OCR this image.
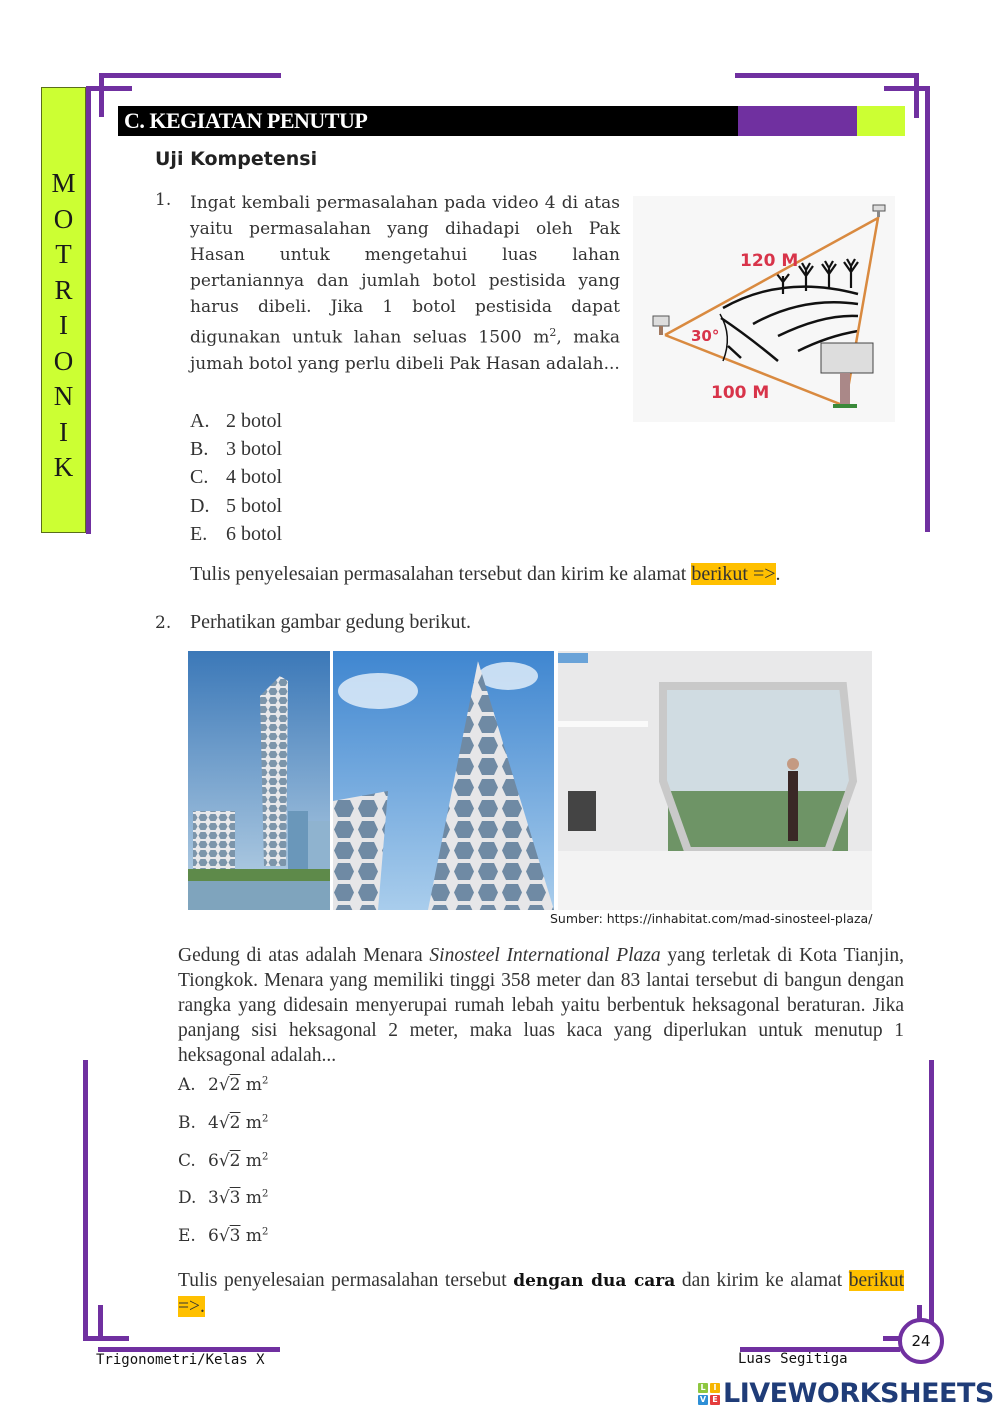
M
O
T
R
I
O
N
I
K
C. KEGIATAN PENUTUP
Uji Kompetensi
1. Ingat kembali permasalahan pada video 4 di atas yaitu permasalahan yang dihadapi oleh Pak Hasan untuk mengetahui luas lahan pertaniannya dan jumlah botol pestisida yang harus dibeli. Jika 1 botol pestisida dapat digunakan untuk lahan seluas 1500 $m^2$, maka jumah botol yang perlu dibeli Pak Hasan adalah...
120 M
30°
100 M
A. 2 botol
B. 3 botol
C. 4 botol
D. 5 botol
E. 6 botol
Tulis penyelesaian permasalahan tersebut dan kirim ke alamat berikut =>.
2. Perhatikan gambar gedung berikut.
Sumber: https://inhabitat.com/mad-sinosteel-plaza/
Gedung di atas adalah Menara Sinosteel International Plaza yang terletak di Kota Tianjin, Tiongkok. Menara yang memiliki tinggi 358 meter dan 83 lantai tersebut di bangun dengan rangka yang didesain menyerupai rumah lebah yaitu berbentuk heksagonal beraturan. Jika panjang sisi heksagonal 2 meter, maka luas kaca yang diperlukan untuk menutup 1 heksagonal adalah...
A. 2√2 $m^2$
B. 4√2 $m^2$
C. 6√2 $m^2$
D. 3√3 $m^2$
E. 6√3 $m^2$
Tulis penyelesaian permasalahan tersebut dengan dua cara dan kirim ke alamat berikut =>.
Trigonometri/Kelas X	Luas Segitiga
24
L I
V E LIVEWORKSHEETS
